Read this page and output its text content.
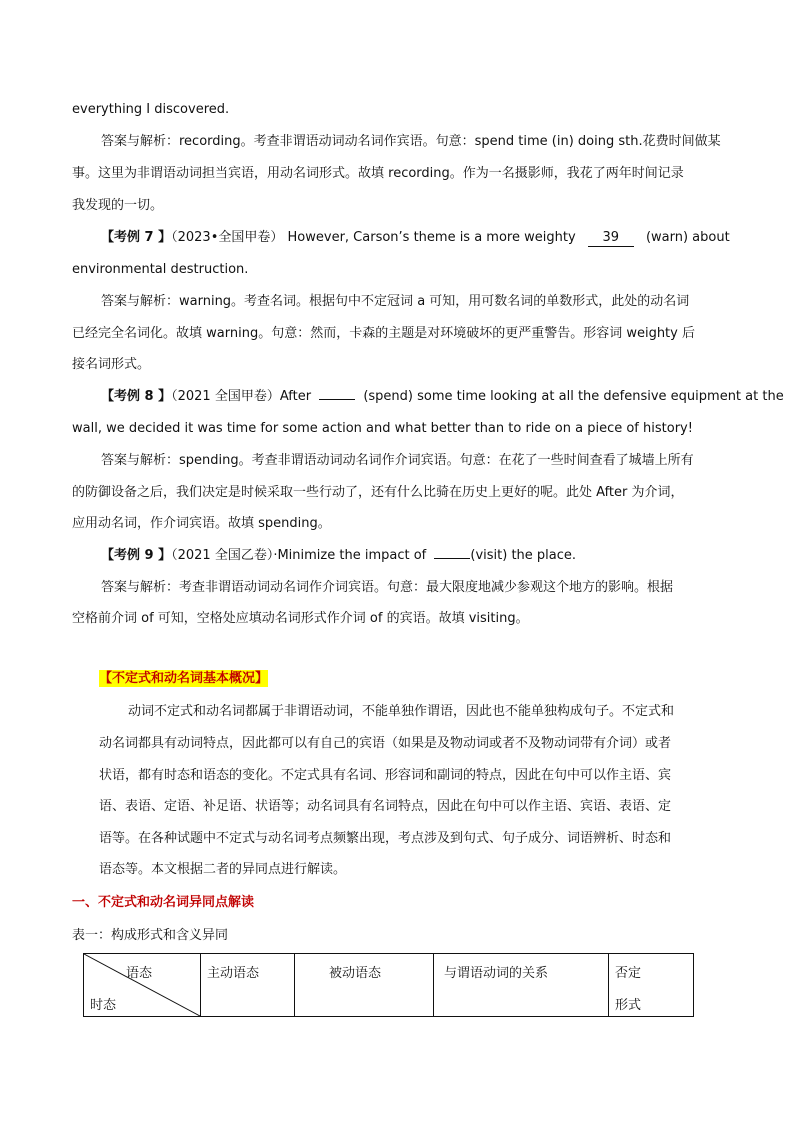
everything I discovered.
答案与解析：recording。考查非谓语动词动名词作宾语。句意：spend time (in) doing sth.花费时间做某
事。这里为非谓语动词担当宾语，用动名词形式。故填 recording。作为一名摄影师，我花了两年时间记录
我发现的一切。
【考例 7 】（2023•全国甲卷） However, Carson’s theme is a more weighty 39 (warn) about
environmental destruction.
答案与解析：warning。考查名词。根据句中不定冠词 a 可知，用可数名词的单数形式，此处的动名词
已经完全名词化。故填 warning。句意：然而，卡森的主题是对环境破坏的更严重警告。形容词 weighty 后
接名词形式。
【考例 8 】（2021 全国甲卷）After	(spend) some time looking at all the defensive equipment at the
wall, we decided it was time for some action and what better than to ride on a piece of history!
答案与解析：spending。考查非谓语动词动名词作介词宾语。句意：在花了一些时间查看了城墙上所有
的防御设备之后，我们决定是时候采取一些行动了，还有什么比骑在历史上更好的呢。此处 After 为介词，
应用动名词，作介词宾语。故填 spending。
【考例 9 】（2021 全国乙卷）·Minimize the impact of	(visit) the place.
答案与解析：考查非谓语动词动名词作介词宾语。句意：最大限度地减少参观这个地方的影响。根据
空格前介词 of 可知，空格处应填动名词形式作介词 of 的宾语。故填 visiting。
【不定式和动名词基本概况】
动词不定式和动名词都属于非谓语动词，不能单独作谓语，因此也不能单独构成句子。不定式和
动名词都具有动词特点，因此都可以有自己的宾语（如果是及物动词或者不及物动词带有介词）或者
状语，都有时态和语态的变化。不定式具有名词、形容词和副词的特点，因此在句中可以作主语、宾
语、表语、定语、补足语、状语等；动名词具有名词特点，因此在句中可以作主语、宾语、表语、定
语等。在各种试题中不定式与动名词考点频繁出现，考点涉及到句式、句子成分、词语辨析、时态和
语态等。本文根据二者的异同点进行解读。
一、不定式和动名词异同点解读
表一：构成形式和含义异同
语态
时态

主动语态	被动语态	与谓语动词的关系	否定
形式
